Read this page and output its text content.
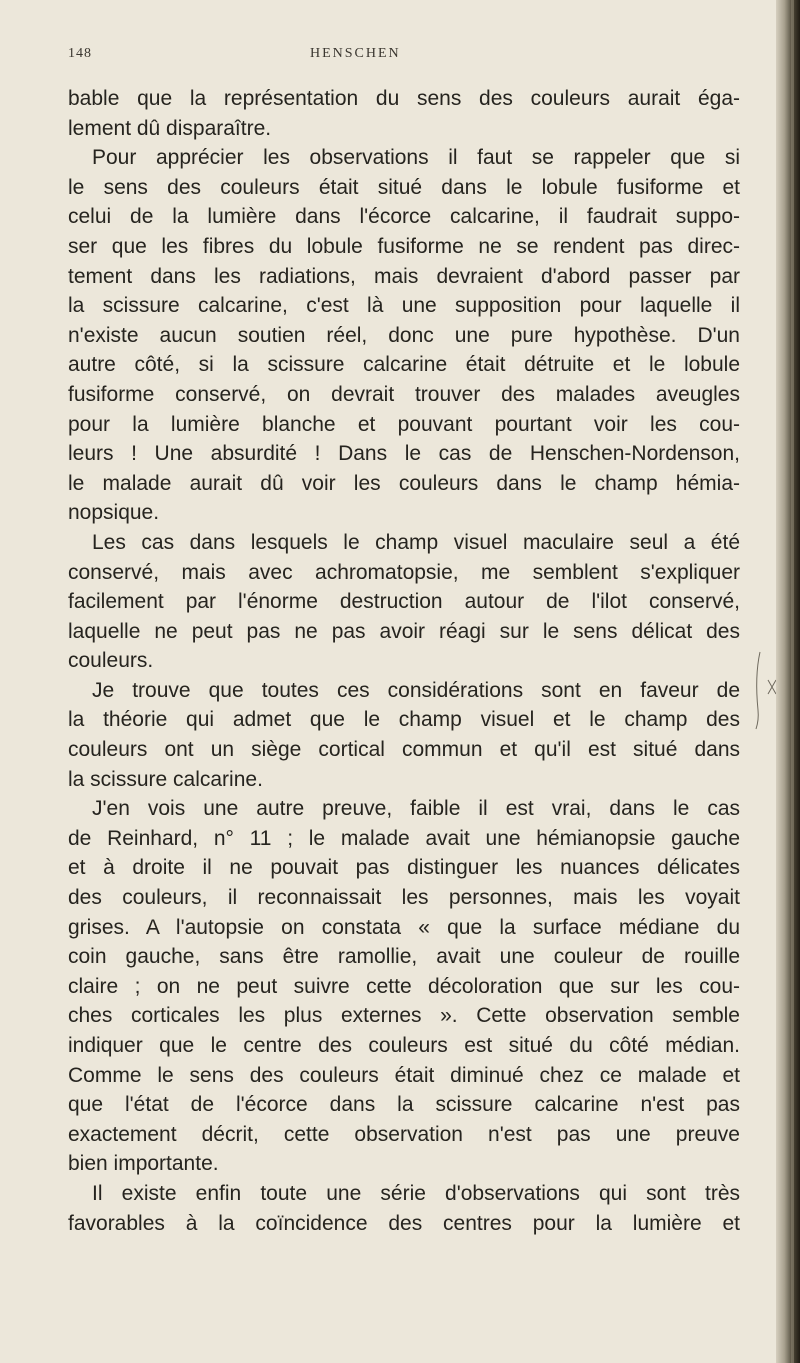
148	HENSCHEN
bable que la représentation du sens des couleurs aurait éga-
lement dû disparaître.
Pour apprécier les observations il faut se rappeler que si
le sens des couleurs était situé dans le lobule fusiforme et
celui de la lumière dans l'écorce calcarine, il faudrait suppo-
ser que les fibres du lobule fusiforme ne se rendent pas direc-
tement dans les radiations, mais devraient d'abord passer par
la scissure calcarine, c'est là une supposition pour laquelle il
n'existe aucun soutien réel, donc une pure hypothèse. D'un
autre côté, si la scissure calcarine était détruite et le lobule
fusiforme conservé, on devrait trouver des malades aveugles
pour la lumière blanche et pouvant pourtant voir les cou-
leurs ! Une absurdité ! Dans le cas de Henschen-Nordenson,
le malade aurait dû voir les couleurs dans le champ hémia-
nopsique.
Les cas dans lesquels le champ visuel maculaire seul a été
conservé, mais avec achromatopsie, me semblent s'expliquer
facilement par l'énorme destruction autour de l'ilot conservé,
laquelle ne peut pas ne pas avoir réagi sur le sens délicat des
couleurs.
Je trouve que toutes ces considérations sont en faveur de
la théorie qui admet que le champ visuel et le champ des
couleurs ont un siège cortical commun et qu'il est situé dans
la scissure calcarine.
J'en vois une autre preuve, faible il est vrai, dans le cas
de Reinhard, n° 11 ; le malade avait une hémianopsie gauche
et à droite il ne pouvait pas distinguer les nuances délicates
des couleurs, il reconnaissait les personnes, mais les voyait
grises. A l'autopsie on constata « que la surface médiane du
coin gauche, sans être ramollie, avait une couleur de rouille
claire ; on ne peut suivre cette décoloration que sur les cou-
ches corticales les plus externes ». Cette observation semble
indiquer que le centre des couleurs est situé du côté médian.
Comme le sens des couleurs était diminué chez ce malade et
que l'état de l'écorce dans la scissure calcarine n'est pas
exactement décrit, cette observation n'est pas une preuve
bien importante.
Il existe enfin toute une série d'observations qui sont très
favorables à la coïncidence des centres pour la lumière et
